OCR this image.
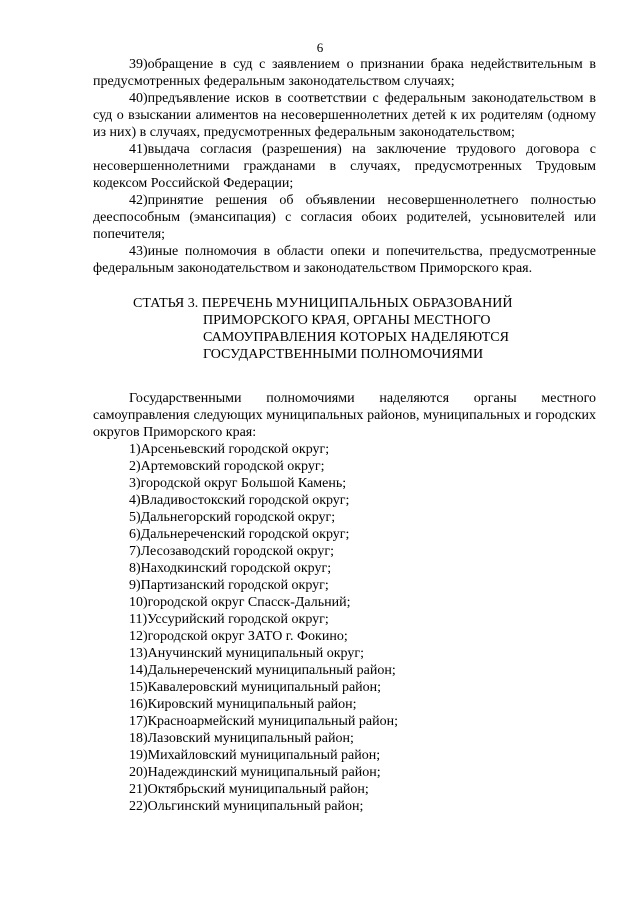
6

39)обращение в суд с заявлением о признании брака недействительным в предусмотренных федеральным законодательством случаях;

40)предъявление исков в соответствии с федеральным законодательством в суд о взыскании алиментов на несовершеннолетних детей к их родителям (одному из них) в случаях, предусмотренных федеральным законодательством;

41)выдача согласия (разрешения) на заключение трудового договора с несовершеннолетними гражданами в случаях, предусмотренных Трудовым кодексом Российской Федерации;

42)принятие решения об объявлении несовершеннолетнего полностью дееспособным (эмансипация) с согласия обоих родителей, усыновителей или попечителя;

43)иные полномочия в области опеки и попечительства, предусмотренные федеральным законодательством и законодательством Приморского края.

СТАТЬЯ 3. ПЕРЕЧЕНЬ МУНИЦИПАЛЬНЫХ ОБРАЗОВАНИЙ
ПРИМОРСКОГО КРАЯ, ОРГАНЫ МЕСТНОГО
САМОУПРАВЛЕНИЯ КОТОРЫХ НАДЕЛЯЮТСЯ
ГОСУДАРСТВЕННЫМИ ПОЛНОМОЧИЯМИ

Государственными полномочиями наделяются органы местного самоуправления следующих муниципальных районов, муниципальных и городских округов Приморского края:

1)Арсеньевский городской округ;
2)Артемовский городской округ;
3)городской округ Большой Камень;
4)Владивостокский городской округ;
5)Дальнегорский городской округ;
6)Дальнереченский городской округ;
7)Лесозаводский городской округ;
8)Находкинский городской округ;
9)Партизанский городской округ;
10)городской округ Спасск-Дальний;
11)Уссурийский городской округ;
12)городской округ ЗАТО г. Фокино;
13)Анучинский муниципальный округ;
14)Дальнереченский муниципальный район;
15)Кавалеровский муниципальный район;
16)Кировский муниципальный район;
17)Красноармейский муниципальный район;
18)Лазовский муниципальный район;
19)Михайловский муниципальный район;
20)Надеждинский муниципальный район;
21)Октябрьский муниципальный район;
22)Ольгинский муниципальный район;
